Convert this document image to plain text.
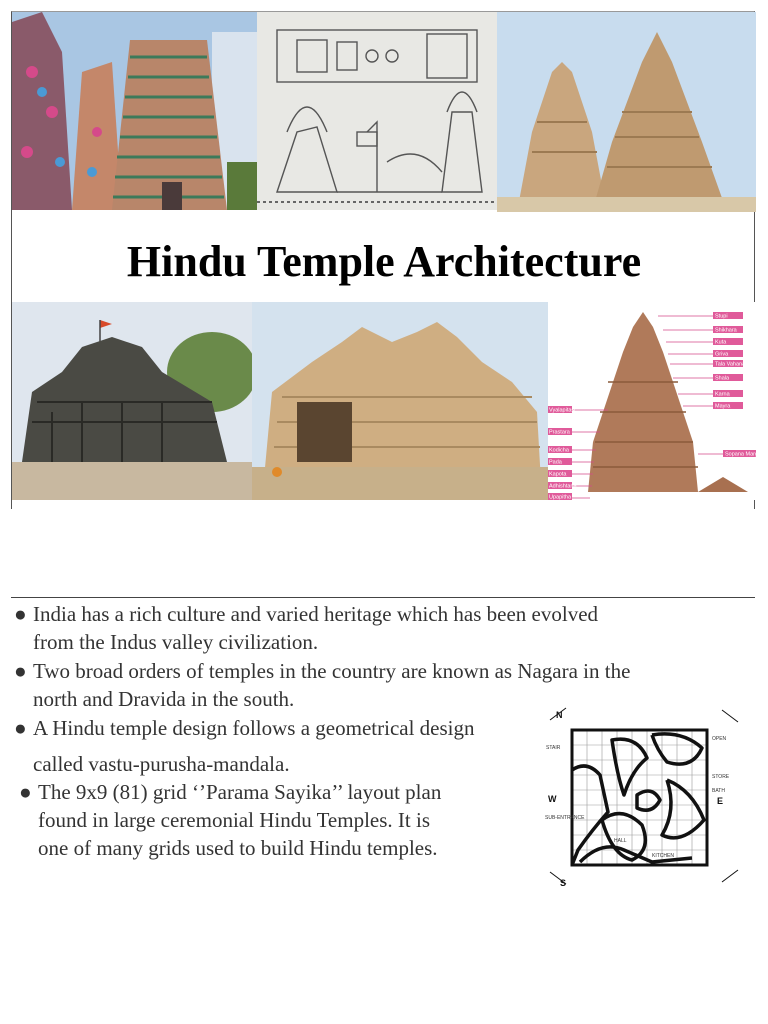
Hindu Temple Architecture
Stupi
Shikhara
Kuta
Griva
Tala Vahana
Shala
Karna
Mayra
Sopana Marga
Vyalapitasi
Prastara
Kodicha
Pada
Kapota
Adhishtana
Upapitha
● India has a rich culture and varied heritage which has been evolved
from the Indus valley civilization.
● Two broad orders of temples in the country are known as Nagara in the
north and Dravida in the south.
● A Hindu temple design follows a geometrical design
called vastu-purusha-mandala.
● The 9x9 (81) grid ‘’Parama Sayika’’ layout plan
found in large ceremonial Hindu Temples. It is
one of many grids used to build Hindu temples.
STAIR
SUB-ENTRANCE
HALL
KITCHEN
STORE
BATH
OPEN
N
E
S
W
